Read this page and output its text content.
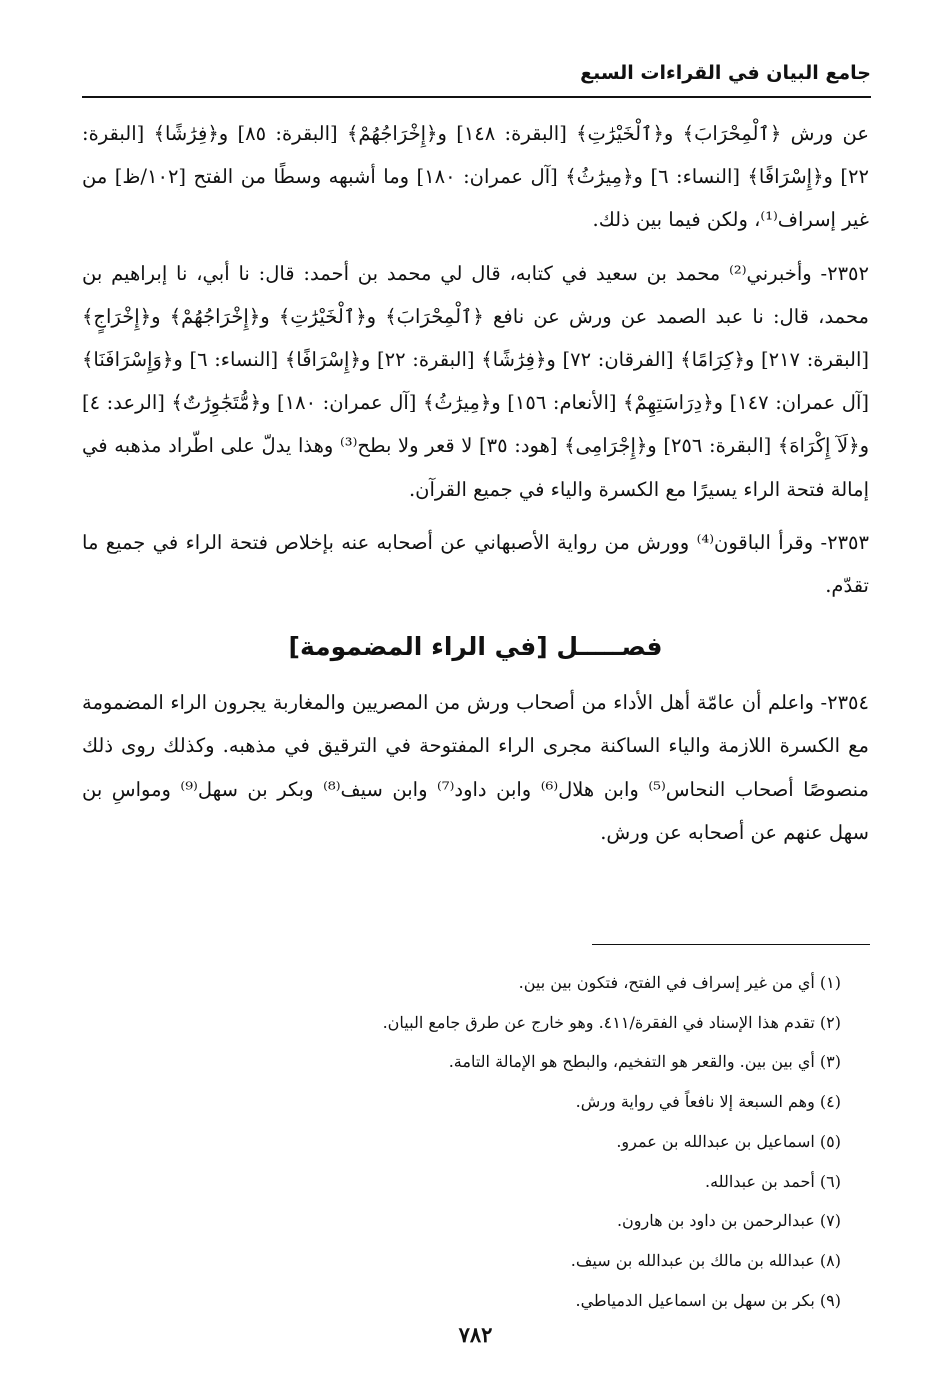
جامع البيان في القراءات السبع

عن ورش ﴿ٱلْمِحْرَابَ﴾ و﴿ٱلْخَيْرَٰتِ﴾ [البقرة: ١٤٨] و﴿إِخْرَاجُهُمْ﴾ [البقرة: ٨٥] و﴿فِرَٰشًا﴾ [البقرة: ٢٢] و﴿إِسْرَافًا﴾ [النساء: ٦] و﴿مِيرَٰثُ﴾ [آل عمران: ١٨٠] وما أشبهه وسطًا من الفتح [١٠٢/ظ] من غير إسراف⁽¹⁾، ولكن فيما بين ذلك.

٢٣٥٢- وأخبرني⁽²⁾ محمد بن سعيد في كتابه، قال لي محمد بن أحمد: قال: نا أبي، نا إبراهيم بن محمد، قال: نا عبد الصمد عن ورش عن نافع ﴿ٱلْمِحْرَابَ﴾ و﴿ٱلْخَيْرَٰتِ﴾ و﴿إِخْرَاجُهُمْ﴾ و﴿إِخْرَاجٍ﴾ [البقرة: ٢١٧] و﴿كِرَامًا﴾ [الفرقان: ٧٢] و﴿فِرَٰشًا﴾ [البقرة: ٢٢] و﴿إِسْرَافًا﴾ [النساء: ٦] و﴿وَإِسْرَافَنَا﴾ [آل عمران: ١٤٧] و﴿دِرَاسَتِهِمْ﴾ [الأنعام: ١٥٦] و﴿مِيرَٰثُ﴾ [آل عمران: ١٨٠] و﴿مُّتَجَٰوِرَٰتٌ﴾ [الرعد: ٤] و﴿لَآ إِكْرَاهَ﴾ [البقرة: ٢٥٦] و﴿إِجْرَامِى﴾ [هود: ٣٥] لا قعر ولا بطح⁽³⁾ وهذا يدلّ على اطّراد مذهبه في إمالة فتحة الراء يسيرًا مع الكسرة والياء في جميع القرآن.

٢٣٥٣- وقرأ الباقون⁽⁴⁾ وورش من رواية الأصبهاني عن أصحابه عنه بإخلاص فتحة الراء في جميع ما تقدّم.

فصـــــل [في الراء المضمومة]

٢٣٥٤- واعلم أن عامّة أهل الأداء من أصحاب ورش من المصريين والمغاربة يجرون الراء المضمومة مع الكسرة اللازمة والياء الساكنة مجرى الراء المفتوحة في الترقيق في مذهبه. وكذلك روى ذلك منصوصًا أصحاب النحاس⁽⁵⁾ وابن هلال⁽⁶⁾ وابن داود⁽⁷⁾ وابن سيف⁽⁸⁾ وبكر بن سهل⁽⁹⁾ ومواسِ بن سهل عنهم عن أصحابه عن ورش.

(١) أي من غير إسراف في الفتح، فتكون بين بين.
(٢) تقدم هذا الإسناد في الفقرة/٤١١. وهو خارج عن طرق جامع البيان.
(٣) أي بين بين. والقعر هو التفخيم، والبطح هو الإمالة التامة.
(٤) وهم السبعة إلا نافعاً في رواية ورش.
(٥) اسماعيل بن عبدالله بن عمرو.
(٦) أحمد بن عبدالله.
(٧) عبدالرحمن بن داود بن هارون.
(٨) عبدالله بن مالك بن عبدالله بن سيف.
(٩) بكر بن سهل بن اسماعيل الدمياطي.
٧٨٢
